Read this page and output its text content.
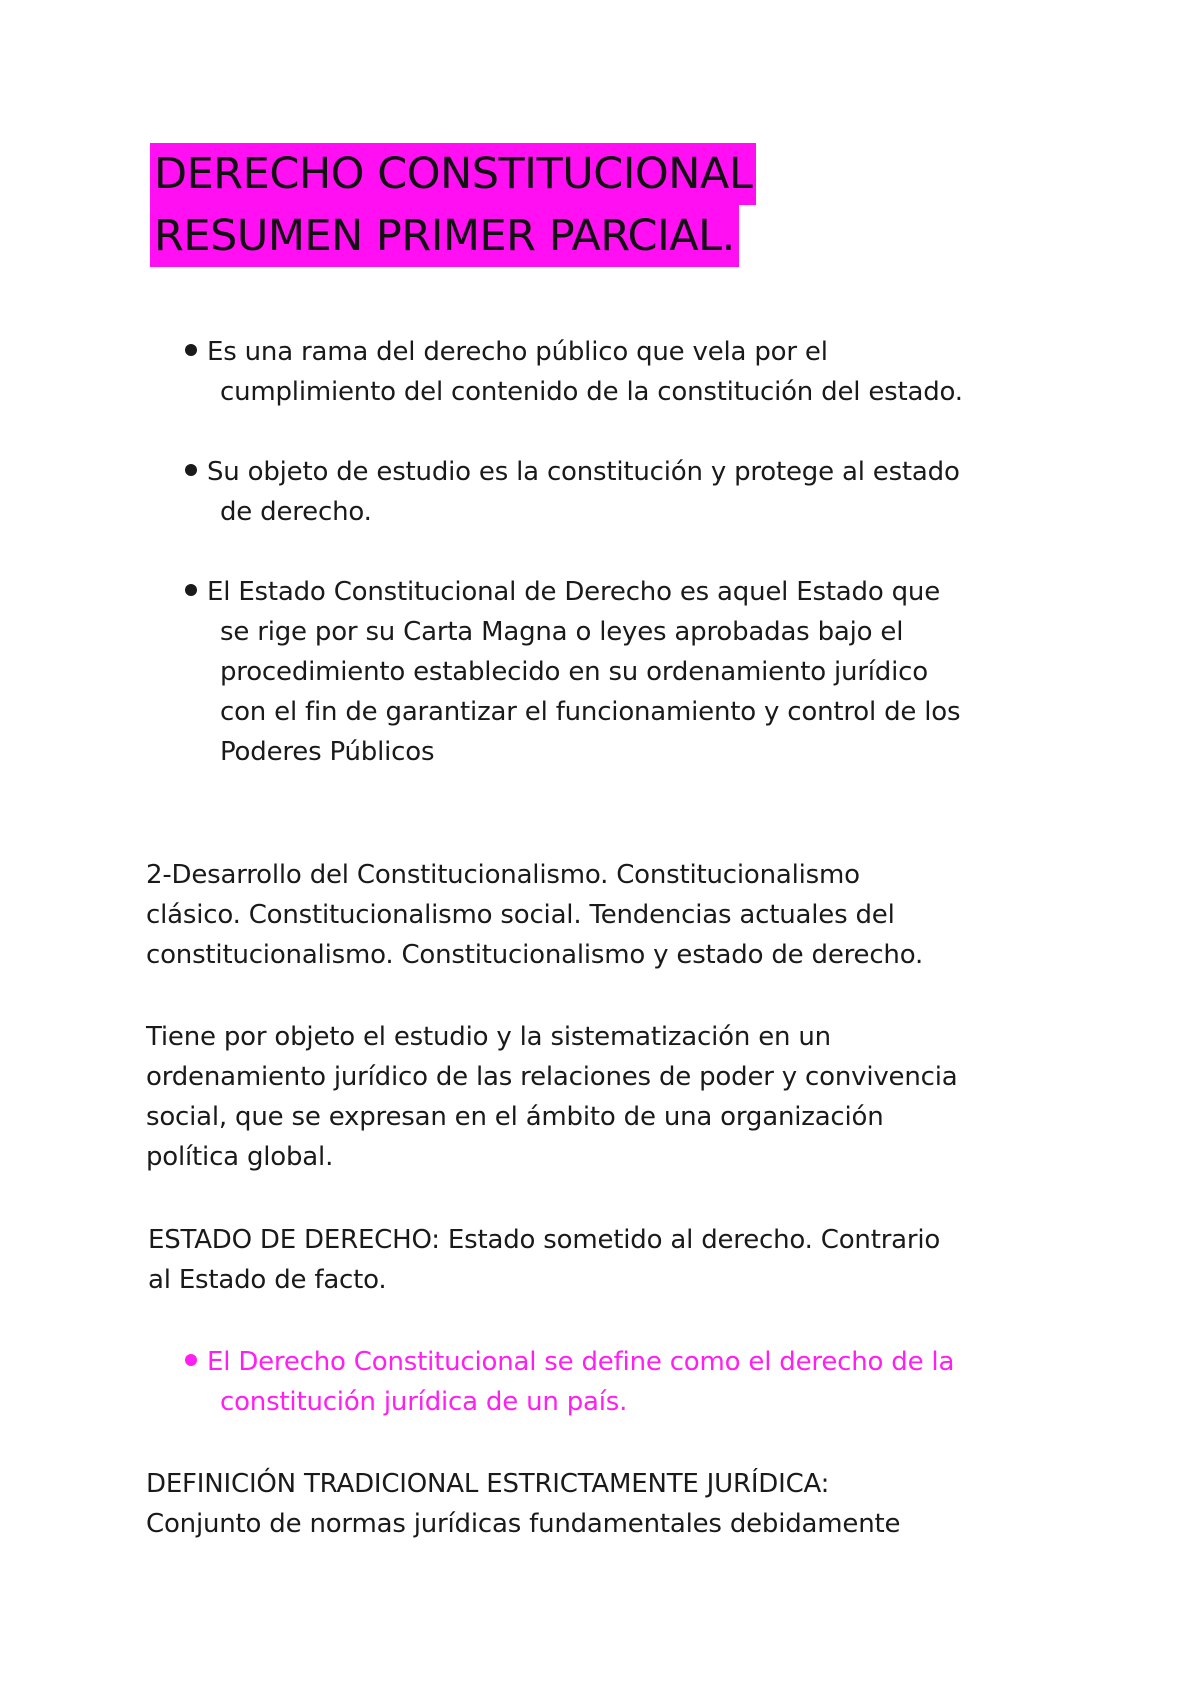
DERECHO CONSTITUCIONAL
RESUMEN PRIMER PARCIAL.
Es una rama del derecho público que vela por el
cumplimiento del contenido de la constitución del estado.
Su objeto de estudio es la constitución y protege al estado
de derecho.
El Estado Constitucional de Derecho es aquel Estado que
se rige por su Carta Magna o leyes aprobadas bajo el
procedimiento establecido en su ordenamiento jurídico
con el fin de garantizar el funcionamiento y control de los
Poderes Públicos
2-Desarrollo del Constitucionalismo. Constitucionalismo
clásico. Constitucionalismo social. Tendencias actuales del
constitucionalismo. Constitucionalismo y estado de derecho.
Tiene por objeto el estudio y la sistematización en un
ordenamiento jurídico de las relaciones de poder y convivencia
social, que se expresan en el ámbito de una organización
política global.
ESTADO DE DERECHO: Estado sometido al derecho. Contrario
al Estado de facto.
El Derecho Constitucional se define como el derecho de la
constitución jurídica de un país.
DEFINICIÓN TRADICIONAL ESTRICTAMENTE JURÍDICA:
Conjunto de normas jurídicas fundamentales debidamente
